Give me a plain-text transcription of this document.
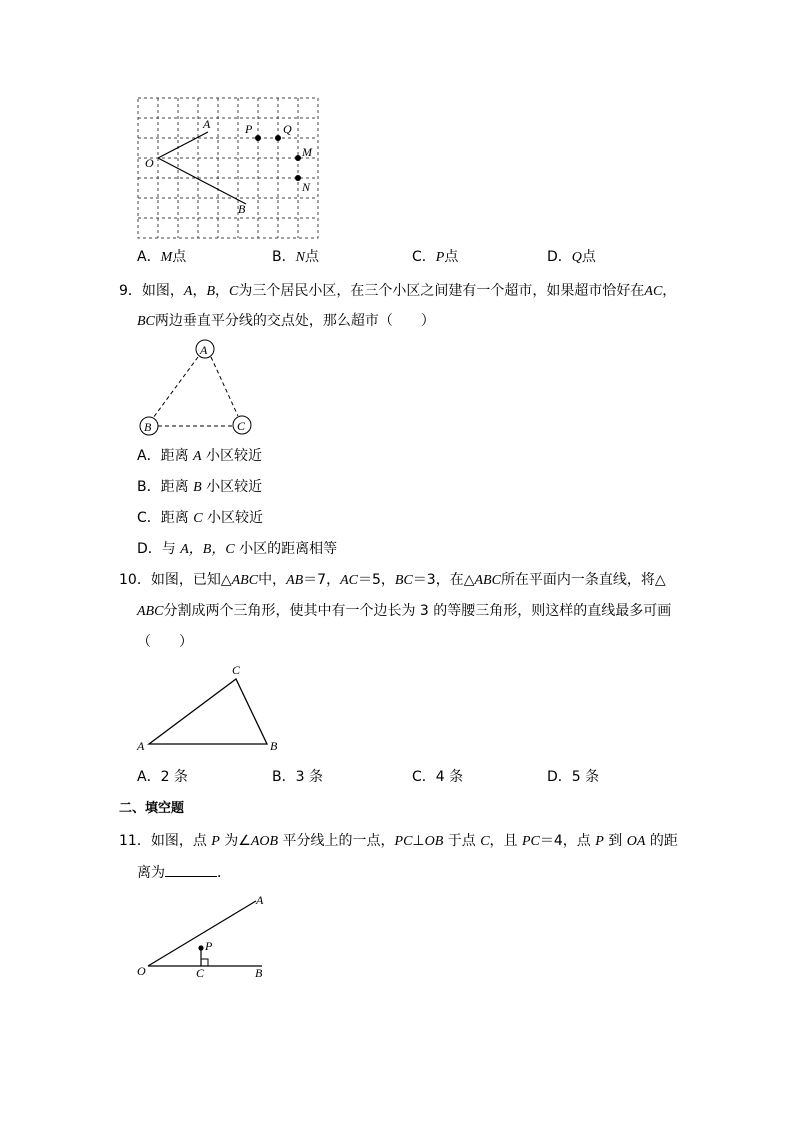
A	P	Q
O
M
N
B
A．M点	B．N点	C．P点	D．Q点
9．如图，A，B，C为三个居民小区，在三个小区之间建有一个超市，如果超市恰好在AC，
BC两边垂直平分线的交点处，那么超市（　　）
A
B	C
A．距离 A 小区较近
B．距离 B 小区较近
C．距离 C 小区较近
D．与 A，B，C 小区的距离相等
10．如图，已知△ABC中，AB＝7，AC＝5，BC＝3，在△ABC所在平面内一条直线，将△
ABC分割成两个三角形，使其中有一个边长为 3 的等腰三角形，则这样的直线最多可画
（　　）
A	B
C
A．2 条	B．3 条	C．4 条	D．5 条
二、填空题
11．如图，点 P 为∠AOB 平分线上的一点，PC⊥OB 于点 C，且 PC＝4，点 P 到 OA 的距
离为	．
A
P
O	C	B
